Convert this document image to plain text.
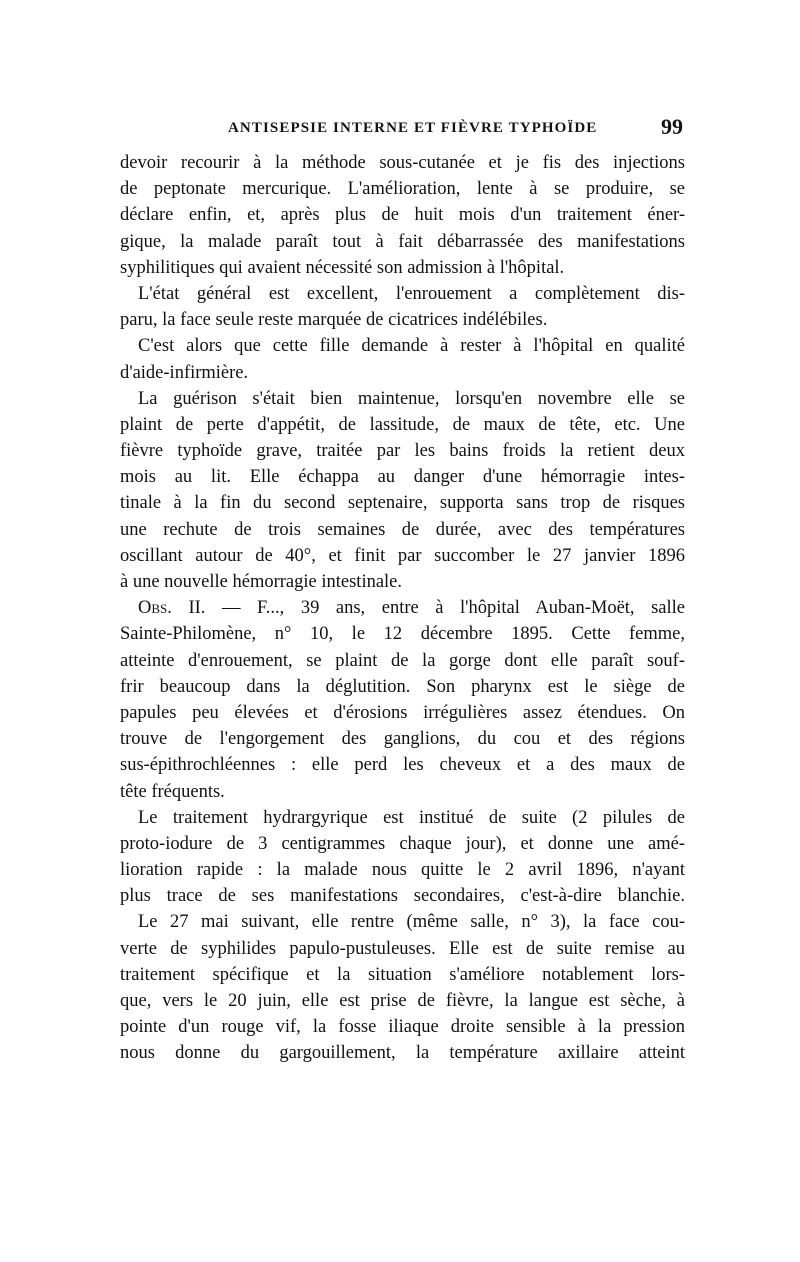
ANTISEPSIE INTERNE ET FIÈVRE TYPHOÏDE	99
devoir recourir à la méthode sous-cutanée et je fis des injections
de peptonate mercurique. L'amélioration, lente à se produire, se
déclare enfin, et, après plus de huit mois d'un traitement éner-
gique, la malade paraît tout à fait débarrassée des manifestations
syphilitiques qui avaient nécessité son admission à l'hôpital.
L'état général est excellent, l'enrouement a complètement dis-
paru, la face seule reste marquée de cicatrices indélébiles.
C'est alors que cette fille demande à rester à l'hôpital en qualité
d'aide-infirmière.
La guérison s'était bien maintenue, lorsqu'en novembre elle se
plaint de perte d'appétit, de lassitude, de maux de tête, etc. Une
fièvre typhoïde grave, traitée par les bains froids la retient deux
mois au lit. Elle échappa au danger d'une hémorragie intes-
tinale à la fin du second septenaire, supporta sans trop de risques
une rechute de trois semaines de durée, avec des températures
oscillant autour de 40°, et finit par succomber le 27 janvier 1896
à une nouvelle hémorragie intestinale.
Obs. II. — F..., 39 ans, entre à l'hôpital Auban-Moët, salle
Sainte-Philomène, n° 10, le 12 décembre 1895. Cette femme,
atteinte d'enrouement, se plaint de la gorge dont elle paraît souf-
frir beaucoup dans la déglutition. Son pharynx est le siège de
papules peu élevées et d'érosions irrégulières assez étendues. On
trouve de l'engorgement des ganglions, du cou et des régions
sus-épithrochléennes : elle perd les cheveux et a des maux de
tête fréquents.
Le traitement hydrargyrique est institué de suite (2 pilules de
proto-iodure de 3 centigrammes chaque jour), et donne une amé-
lioration rapide : la malade nous quitte le 2 avril 1896, n'ayant
plus trace de ses manifestations secondaires, c'est-à-dire blanchie.
Le 27 mai suivant, elle rentre (même salle, n° 3), la face cou-
verte de syphilides papulo-pustuleuses. Elle est de suite remise au
traitement spécifique et la situation s'améliore notablement lors-
que, vers le 20 juin, elle est prise de fièvre, la langue est sèche, à
pointe d'un rouge vif, la fosse iliaque droite sensible à la pression
nous donne du gargouillement, la température axillaire atteint
